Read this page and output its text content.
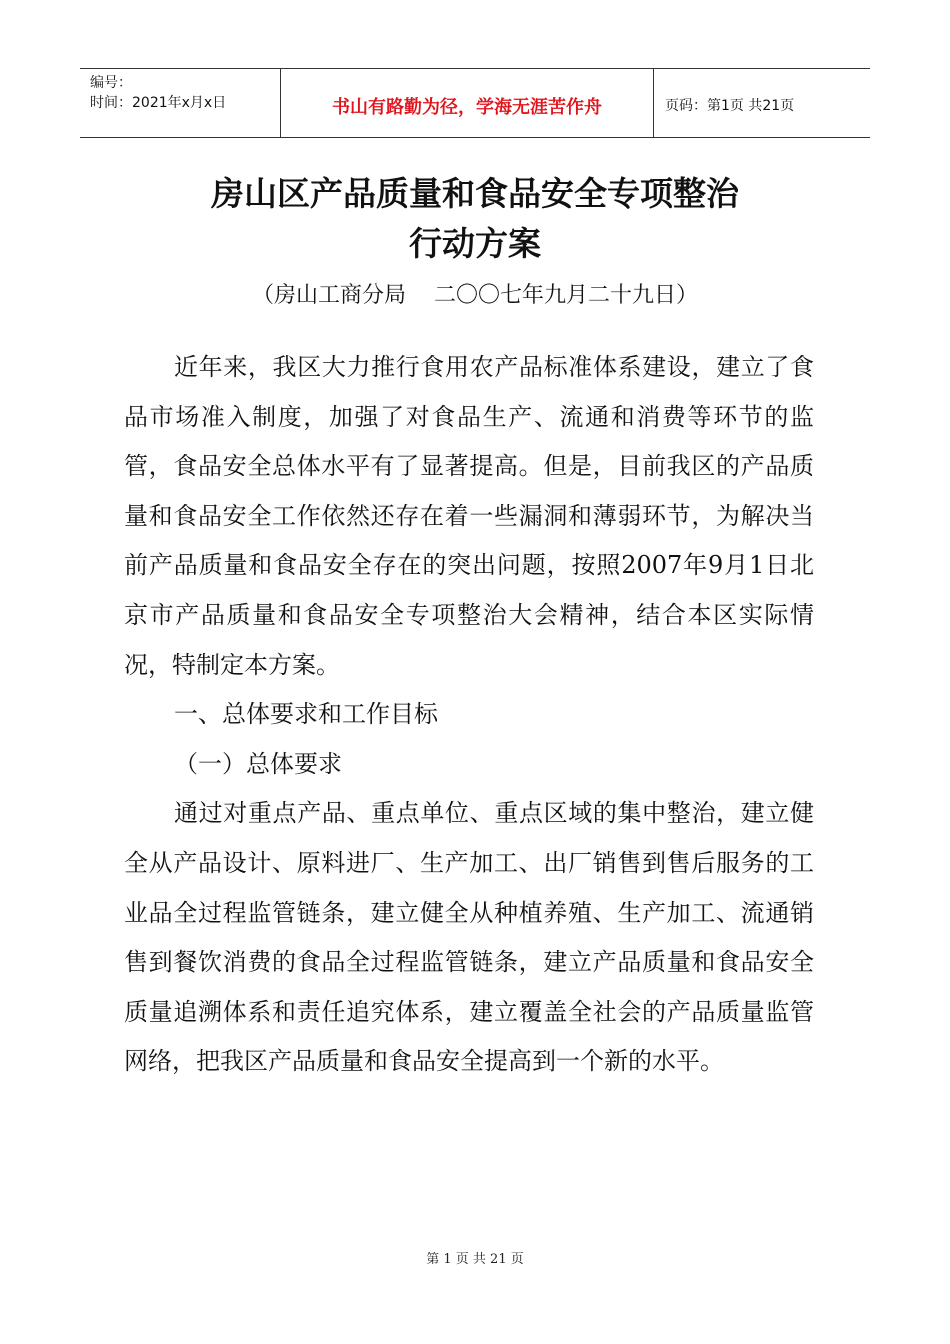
编号：
时间：2021年x月x日	书山有路勤为径，学海无涯苦作舟	页码：第1页 共21页
房山区产品质量和食品安全专项整治
行动方案
（房山工商分局    二〇〇七年九月二十九日）

近年来，我区大力推行食用农产品标准体系建设，建立了食品市场准入制度，加强了对食品生产、流通和消费等环节的监管，食品安全总体水平有了显著提高。但是，目前我区的产品质量和食品安全工作依然还存在着一些漏洞和薄弱环节，为解决当前产品质量和食品安全存在的突出问题，按照2007年9月1日北京市产品质量和食品安全专项整治大会精神，结合本区实际情况，特制定本方案。

一、总体要求和工作目标

（一）总体要求

通过对重点产品、重点单位、重点区域的集中整治，建立健全从产品设计、原料进厂、生产加工、出厂销售到售后服务的工业品全过程监管链条，建立健全从种植养殖、生产加工、流通销售到餐饮消费的食品全过程监管链条，建立产品质量和食品安全质量追溯体系和责任追究体系，建立覆盖全社会的产品质量监管网络，把我区产品质量和食品安全提高到一个新的水平。

第 1 页 共 21 页
